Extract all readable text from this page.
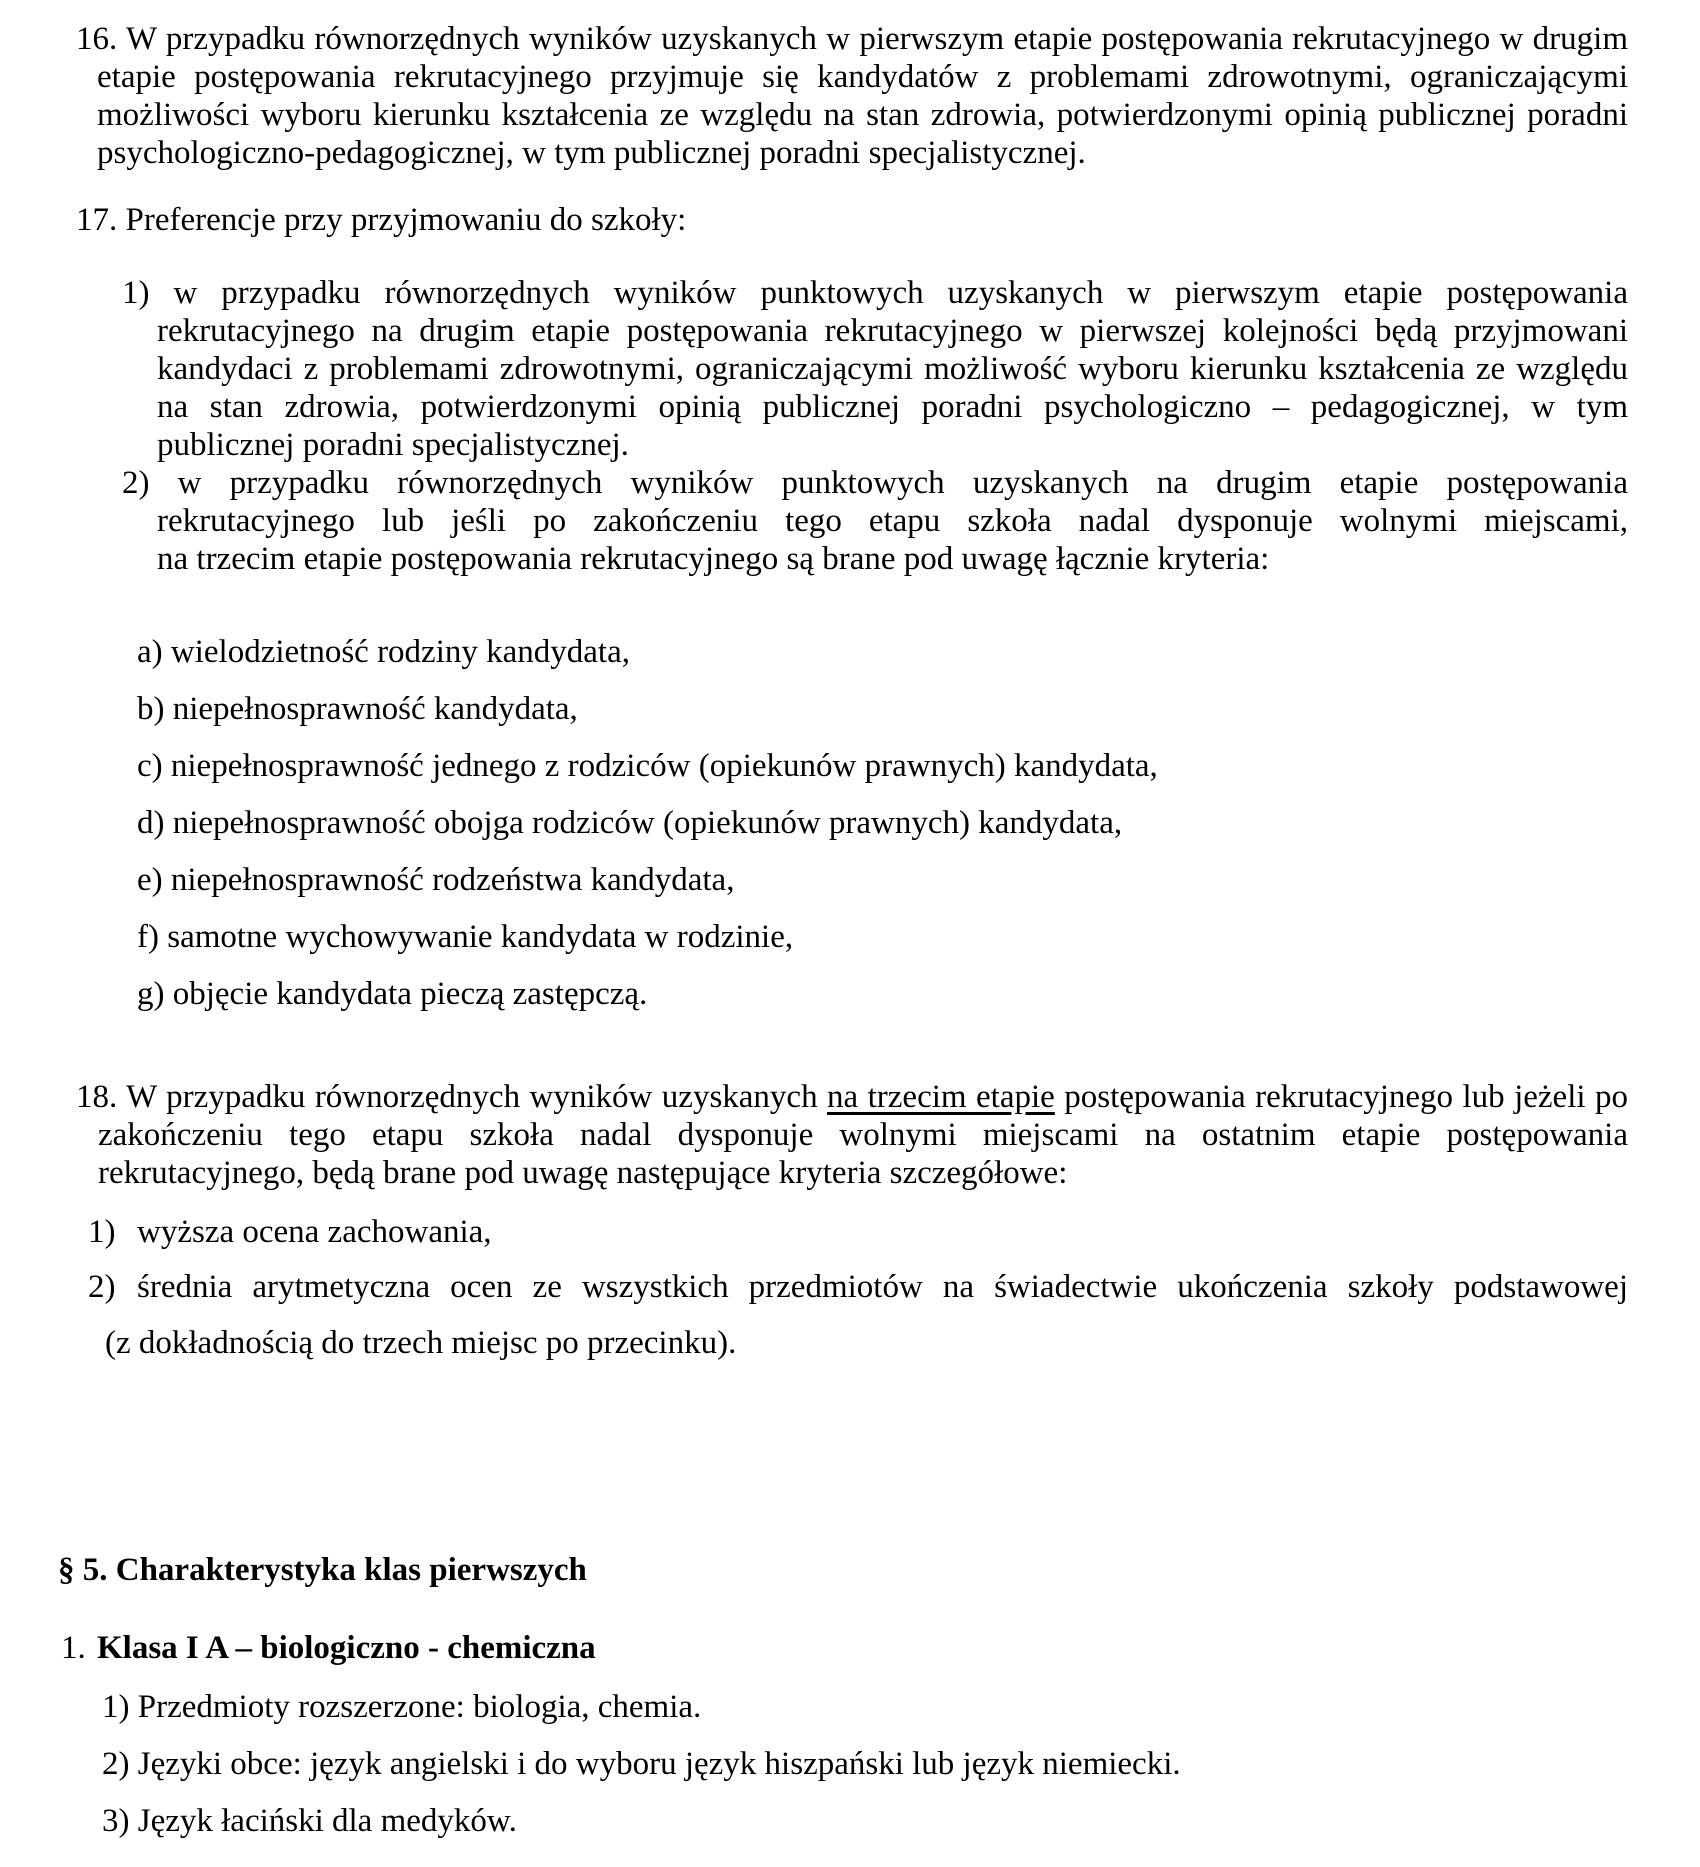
16. W przypadku równorzędnych wyników uzyskanych w pierwszym etapie postępowania rekrutacyjnego w drugim
etapie postępowania rekrutacyjnego przyjmuje się kandydatów z problemami zdrowotnymi, ograniczającymi
możliwości wyboru kierunku kształcenia ze względu na stan zdrowia, potwierdzonymi opinią publicznej poradni
psychologiczno-pedagogicznej, w tym publicznej poradni specjalistycznej.
17. Preferencje przy przyjmowaniu do szkoły:
1) w przypadku równorzędnych wyników punktowych uzyskanych w pierwszym etapie postępowania
rekrutacyjnego na drugim etapie postępowania rekrutacyjnego w pierwszej kolejności będą przyjmowani
kandydaci z problemami zdrowotnymi, ograniczającymi możliwość wyboru kierunku kształcenia ze względu
na stan zdrowia, potwierdzonymi opinią publicznej poradni psychologiczno – pedagogicznej, w tym
publicznej poradni specjalistycznej.
2) w przypadku równorzędnych wyników punktowych uzyskanych na drugim etapie postępowania
rekrutacyjnego lub jeśli po zakończeniu tego etapu szkoła nadal dysponuje wolnymi miejscami,
na trzecim etapie postępowania rekrutacyjnego są brane pod uwagę łącznie kryteria:
a) wielodzietność rodziny kandydata,
b) niepełnosprawność kandydata,
c) niepełnosprawność jednego z rodziców (opiekunów prawnych) kandydata,
d) niepełnosprawność obojga rodziców (opiekunów prawnych) kandydata,
e) niepełnosprawność rodzeństwa kandydata,
f) samotne wychowywanie kandydata w rodzinie,
g) objęcie kandydata pieczą zastępczą.
18. W przypadku równorzędnych wyników uzyskanych na trzecim etapie postępowania rekrutacyjnego lub jeżeli po
zakończeniu tego etapu szkoła nadal dysponuje wolnymi miejscami na ostatnim etapie postępowania
rekrutacyjnego, będą brane pod uwagę następujące kryteria szczegółowe:
1) wyższa ocena zachowania,
2) średnia arytmetyczna ocen ze wszystkich przedmiotów na świadectwie ukończenia szkoły podstawowej
(z dokładnością do trzech miejsc po przecinku).
§ 5. Charakterystyka klas pierwszych
1. Klasa I A – biologiczno - chemiczna
1) Przedmioty rozszerzone: biologia, chemia.
2) Języki obce: język angielski i do wyboru język hiszpański lub język niemiecki.
3) Język łaciński dla medyków.
